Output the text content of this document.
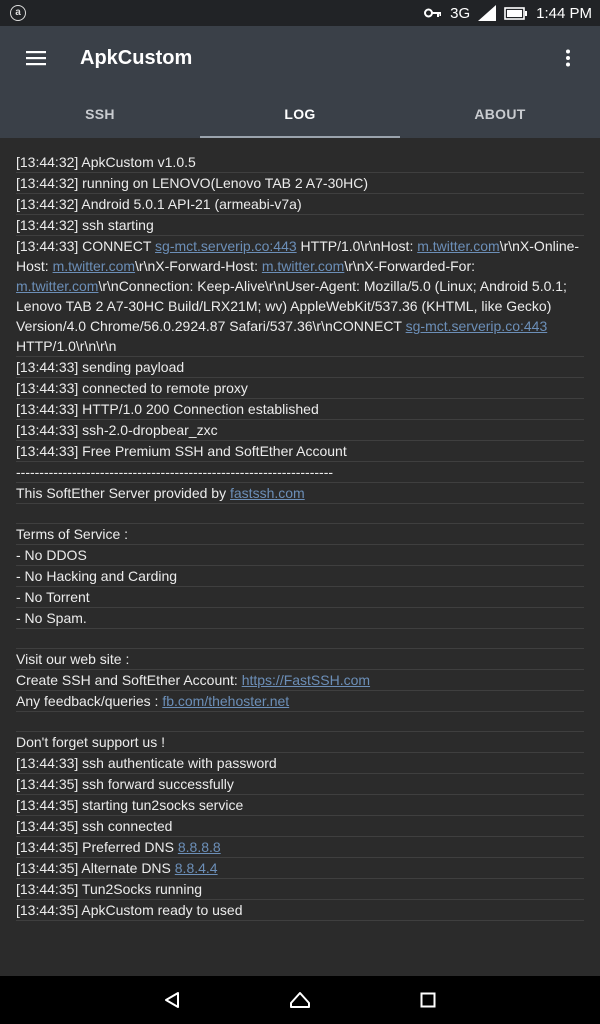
a	3G	1:44 PM
ApkCustom
SSH	LOG	ABOUT
[13:44:32] ApkCustom v1.0.5
[13:44:32] running on LENOVO(Lenovo TAB 2 A7-30HC)
[13:44:32] Android 5.0.1 API-21 (armeabi-v7a)
[13:44:32] ssh starting
[13:44:33] CONNECT sg-mct.serverip.co:443 HTTP/1.0\r\nHost: m.twitter.com\r\nX-Online-Host: m.twitter.com\r\nX-Forward-Host: m.twitter.com\r\nX-Forwarded-For: m.twitter.com\r\nConnection: Keep-Alive\r\nUser-Agent: Mozilla/5.0 (Linux; Android 5.0.1; Lenovo TAB 2 A7-30HC Build/LRX21M; wv) AppleWebKit/537.36 (KHTML, like Gecko) Version/4.0 Chrome/56.0.2924.87 Safari/537.36\r\nCONNECT sg-mct.serverip.co:443 HTTP/1.0\r\n\r\n
[13:44:33] sending payload
[13:44:33] connected to remote proxy
[13:44:33] HTTP/1.0 200 Connection established
[13:44:33] ssh-2.0-dropbear_zxc
[13:44:33] Free Premium SSH and SoftEther Account
--------------------------------------------------------------------
This SoftEther Server provided by fastssh.com
Terms of Service :
- No DDOS
- No Hacking and Carding
- No Torrent
- No Spam.
Visit our web site :
Create SSH and SoftEther Account: https://FastSSH.com
Any feedback/queries : fb.com/thehoster.net
Don't forget support us !
[13:44:33] ssh authenticate with password
[13:44:35] ssh forward successfully
[13:44:35] starting tun2socks service
[13:44:35] ssh connected
[13:44:35] Preferred DNS 8.8.8.8
[13:44:35] Alternate DNS 8.8.4.4
[13:44:35] Tun2Socks running
[13:44:35] ApkCustom ready to used
